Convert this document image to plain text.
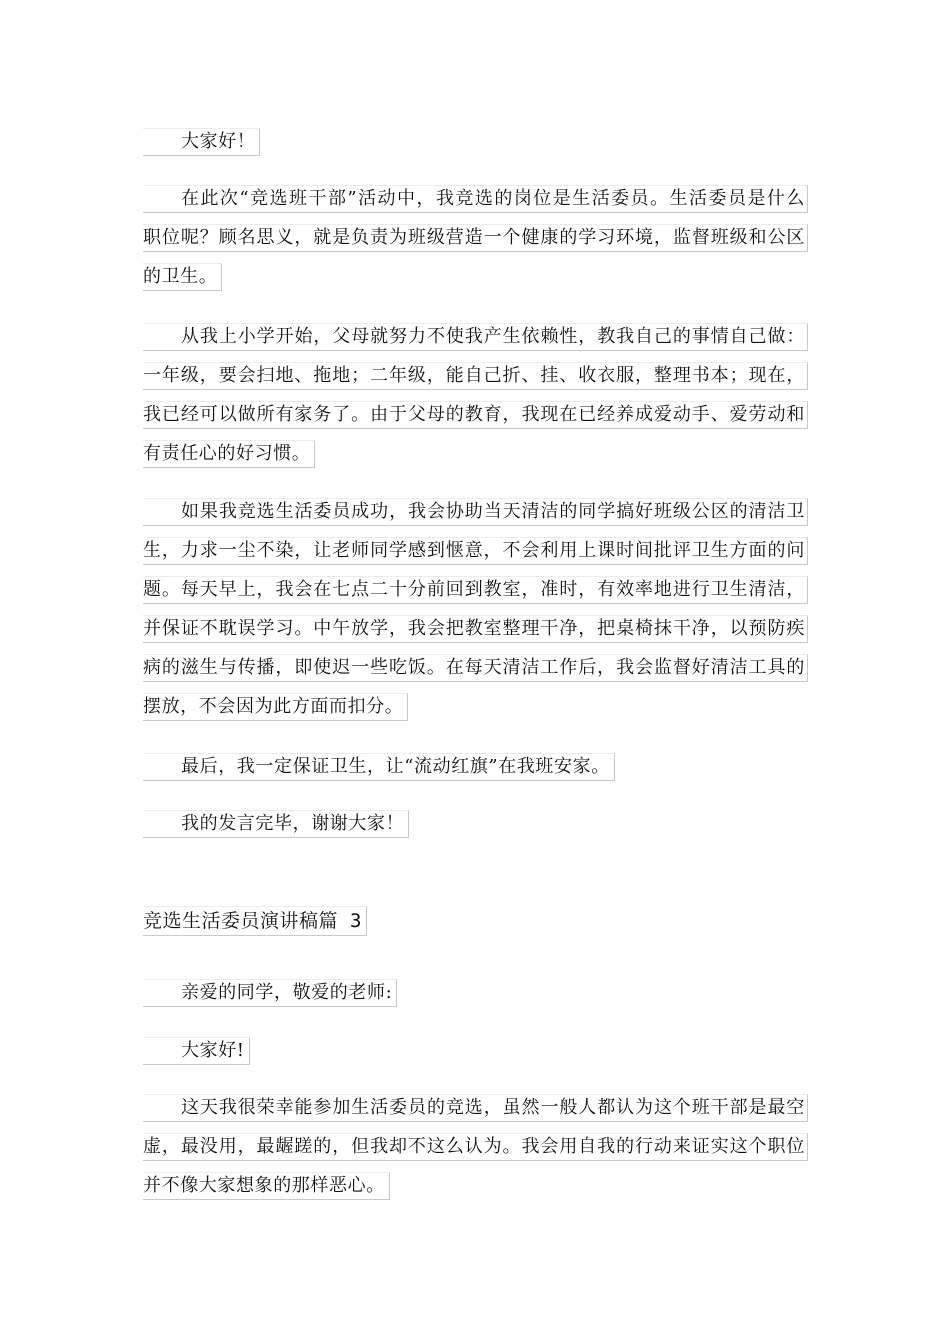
大家好！
在此次“竞选班干部”活动中，我竞选的岗位是生活委员。生活委员是什么
职位呢？顾名思义，就是负责为班级营造一个健康的学习环境，监督班级和公区
的卫生。
从我上小学开始，父母就努力不使我产生依赖性，教我自己的事情自己做：
一年级，要会扫地、拖地；二年级，能自己折、挂、收衣服，整理书本；现在，
我已经可以做所有家务了。由于父母的教育，我现在已经养成爱动手、爱劳动和
有责任心的好习惯。
如果我竞选生活委员成功，我会协助当天清洁的同学搞好班级公区的清洁卫
生，力求一尘不染，让老师同学感到惬意，不会利用上课时间批评卫生方面的问
题。每天早上，我会在七点二十分前回到教室，准时，有效率地进行卫生清洁，
并保证不耽误学习。中午放学，我会把教室整理干净，把桌椅抹干净，以预防疾
病的滋生与传播，即使迟一些吃饭。在每天清洁工作后，我会监督好清洁工具的
摆放，不会因为此方面而扣分。
最后，我一定保证卫生，让“流动红旗”在我班安家。
我的发言完毕，谢谢大家！
竞选生活委员演讲稿篇 3
亲爱的同学，敬爱的老师:
大家好!
这天我很荣幸能参加生活委员的竞选，虽然一般人都认为这个班干部是最空
虚，最没用，最龌蹉的，但我却不这么认为。我会用自我的行动来证实这个职位
并不像大家想象的那样恶心。
